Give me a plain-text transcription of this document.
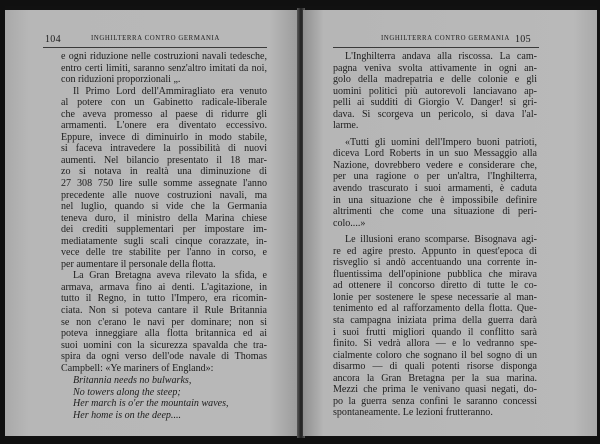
104	INGHILTERRA CONTRO GERMANIA
e ogni riduzione nelle costruzioni navali tedesche,
entro certi limiti, saranno senz'altro imitati da noi,
con riduzioni proporzionali „.
Il Primo Lord dell'Ammiragliato era venuto
al potere con un Gabinetto radicale-liberale
che aveva promesso al paese di ridurre gli
armamenti. L'onere era diventato eccessivo.
Eppure, invece di diminuirlo in modo stabile,
si faceva intravedere la possibilità di nuovi
aumenti. Nel bilancio presentato il 18 mar-
zo si notava in realtà una diminuzione di
27 308 750 lire sulle somme assegnate l'anno
precedente alle nuove costruzioni navali, ma
nel luglio, quando si vide che la Germania
teneva duro, il ministro della Marina chiese
dei crediti supplementari per impostare im-
mediatamente sugli scali cinque corazzate, in-
vece delle tre stabilite per l'anno in corso, e
per aumentare il personale della flotta.
La Gran Bretagna aveva rilevato la sfida, e
armava, armava fino ai denti. L'agitazione, in
tutto il Regno, in tutto l'Impero, era ricomin-
ciata. Non si poteva cantare il Rule Britannia
se non c'erano le navi per dominare; non si
poteva inneggiare alla flotta britannica ed ai
suoi uomini con la sicurezza spavalda che tra-
spira da ogni verso dell'ode navale di Thomas
Campbell: «Ye mariners of England»:
Britannia needs no bulwarks,
No towers along the steep;
Her march is o'er the mountain waves,
Her home is on the deep....
INGHILTERRA CONTRO GERMANIA 105
L'Inghilterra andava alla riscossa. La cam-
pagna veniva svolta attivamente in ogni an-
golo della madrepatria e delle colonie e gli
uomini politici più autorevoli lanciavano ap-
pelli ai sudditi di Giorgio V. Danger! si gri-
dava. Si scorgeva un pericolo, si dava l'al-
larme.
«Tutti gli uomini dell'Impero buoni patrioti,
diceva Lord Roberts in un suo Messaggio alla
Nazione, dovrebbero vedere e considerare che,
per una ragione o per un'altra, l'Inghilterra,
avendo trascurato i suoi armamenti, è caduta
in una situazione che è impossibile definire
altrimenti che come una situazione di peri-
colo....»
Le illusioni erano scomparse. Bisognava agi-
re ed agire presto. Appunto in quest'epoca di
risveglio si andò accentuando una corrente in-
fluentissima dell'opinione pubblica che mirava
ad ottenere il concorso diretto di tutte le co-
lonie per sostenere le spese necessarie al man-
tenimento ed al rafforzamento della flotta. Que-
sta campagna iniziata prima della guerra darà
i suoi frutti migliori quando il conflitto sarà
finito. Si vedrà allora — e lo vedranno spe-
cialmente coloro che sognano il bel sogno di un
disarmo — di quali potenti risorse disponga
ancora la Gran Bretagna per la sua marina.
Mezzi che prima le venivano quasi negati, do-
po la guerra senza confini le saranno concessi
spontaneamente. Le lezioni frutteranno.
